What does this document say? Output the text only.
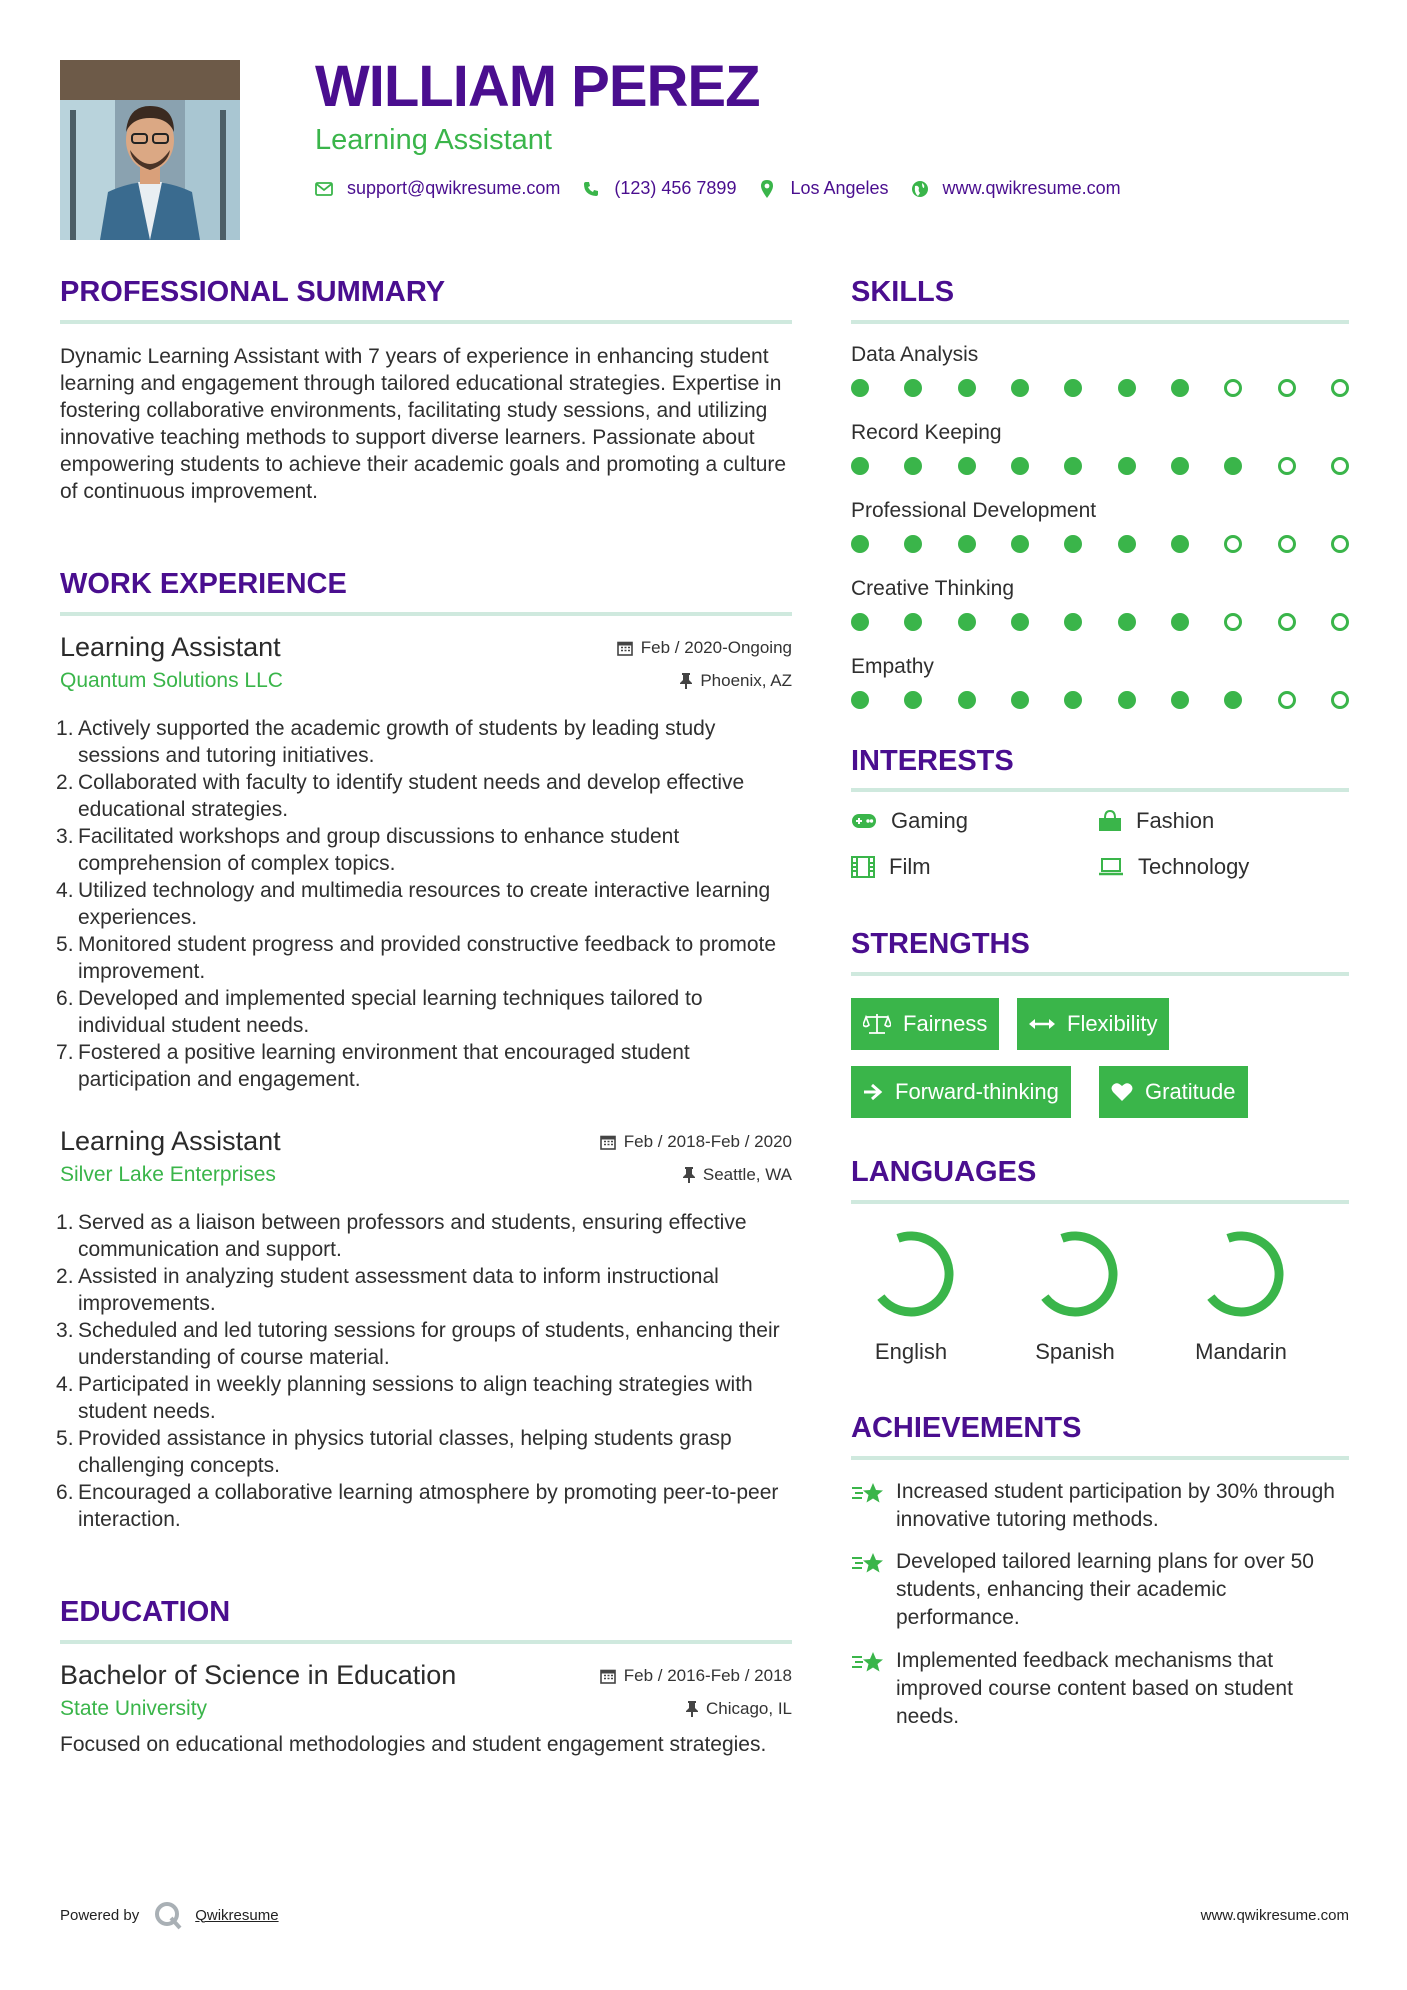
WILLIAM PEREZ
Learning Assistant
support@qwikresume.com	(123) 456 7899	Los Angeles	www.qwikresume.com
PROFESSIONAL SUMMARY
Dynamic Learning Assistant with 7 years of experience in enhancing student learning and engagement through tailored educational strategies. Expertise in fostering collaborative environments, facilitating study sessions, and utilizing innovative teaching methods to support diverse learners. Passionate about empowering students to achieve their academic goals and promoting a culture of continuous improvement.
WORK EXPERIENCE
Learning Assistant	Feb / 2020-Ongoing
Quantum Solutions LLC	Phoenix, AZ
Actively supported the academic growth of students by leading study sessions and tutoring initiatives.
Collaborated with faculty to identify student needs and develop effective educational strategies.
Facilitated workshops and group discussions to enhance student comprehension of complex topics.
Utilized technology and multimedia resources to create interactive learning experiences.
Monitored student progress and provided constructive feedback to promote improvement.
Developed and implemented special learning techniques tailored to individual student needs.
Fostered a positive learning environment that encouraged student participation and engagement.
Learning Assistant	Feb / 2018-Feb / 2020
Silver Lake Enterprises	Seattle, WA
Served as a liaison between professors and students, ensuring effective communication and support.
Assisted in analyzing student assessment data to inform instructional improvements.
Scheduled and led tutoring sessions for groups of students, enhancing their understanding of course material.
Participated in weekly planning sessions to align teaching strategies with student needs.
Provided assistance in physics tutorial classes, helping students grasp challenging concepts.
Encouraged a collaborative learning atmosphere by promoting peer-to-peer interaction.
EDUCATION
Bachelor of Science in Education	Feb / 2016-Feb / 2018
State University	Chicago, IL
Focused on educational methodologies and student engagement strategies.
SKILLS
Data Analysis
Record Keeping
Professional Development
Creative Thinking
Empathy
INTERESTS
Gaming	Fashion
Film	Technology
STRENGTHS
Fairness	Flexibility
Forward-thinking	Gratitude
LANGUAGES
English	Spanish	Mandarin
ACHIEVEMENTS
Increased student participation by 30% through innovative tutoring methods.
Developed tailored learning plans for over 50 students, enhancing their academic performance.
Implemented feedback mechanisms that improved course content based on student needs.
Powered by	Qwikresume	www.qwikresume.com
